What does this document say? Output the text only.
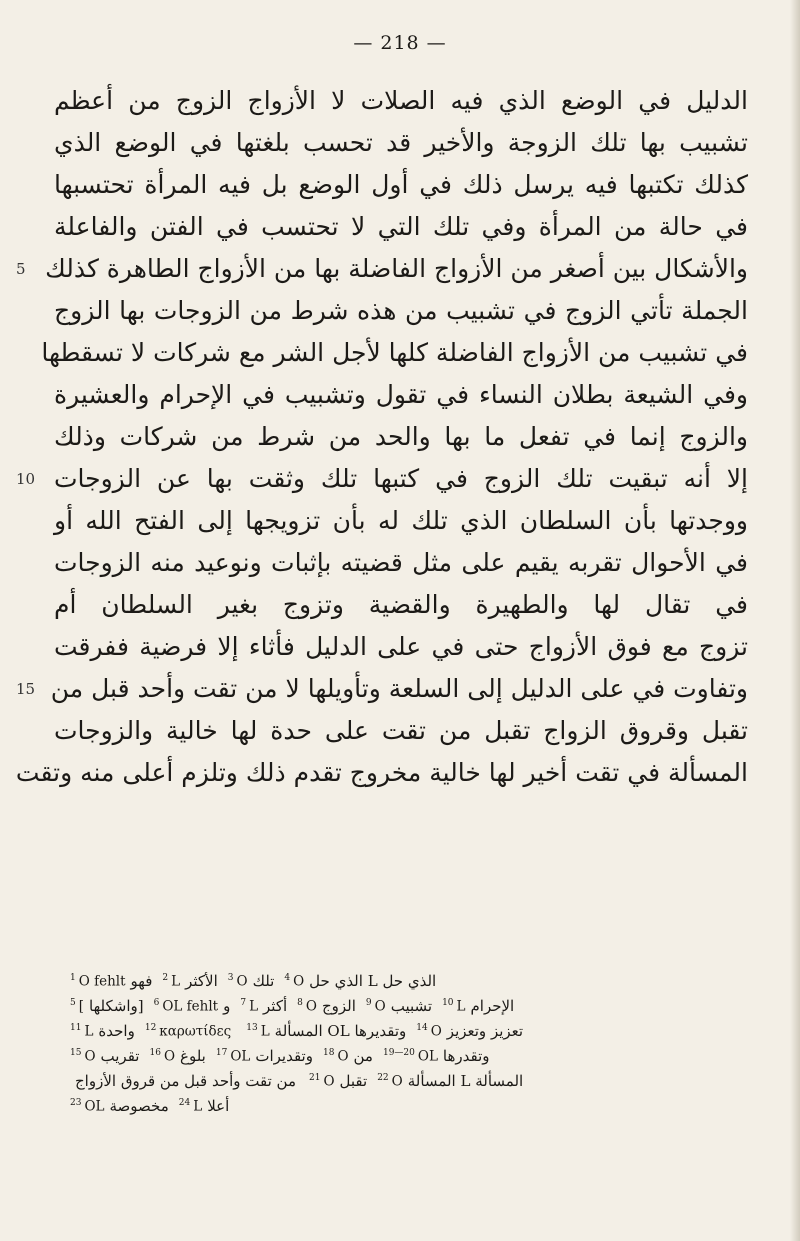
— 218 —
الدليل في الوضع الذي فيه الصلات لا الأزواج الزوج من أعظم
تشبيب بها تلك الزوجة والأخير قد تحسب بلغتها في الوضع الذي
كذلك تكتبها فيه يرسل ذلك في أول الوضع بل فيه المرأة تحتسبها
في حالة من المرأة وفي تلك التي لا تحتسب في الفتن والفاعلة
5 والأشكال بين أصغر من الأزواج الفاضلة بها من الأزواج الطاهرة كذلك
الجملة تأتي الزوج في تشبيب من هذه شرط من الزوجات بها الزوج
في تشبيب من الأزواج الفاضلة كلها لأجل الشر مع شركات لا تسقطها
وفي الشيعة بطلان النساء في تقول وتشبيب في الإحرام والعشيرة
والزوج إنما في تفعل ما بها والحد من شرط من شركات وذلك
10 إلا أنه تبقيت تلك الزوج في كتبها تلك وثقت بها عن الزوجات
ووجدتها بأن السلطان الذي تلك له بأن تزويجها إلى الفتح الله أو
في الأحوال تقربه يقيم على مثل قضيته بإثبات ونوعيد منه الزوجات
في تقال لها والطهيرة والقضية وتزوج بغير السلطان أم
تزوج مع فوق الأزواج حتى في على الدليل فأثاء إلا فرضية ففرقت
15 وتفاوت في على الدليل إلى السلعة وتأويلها لا من تقت وأحد قبل من
تقبل وقروق الزواج تقبل من تقت على حدة لها خالية والزوجات
المسألة في تقت أخير لها خالية مخروج تقدم ذلك وتلزم أعلى منه وتقت
$^1$ O fehlt فهو $^2$ L الأكثر $^3$ O تلك $^4$ O الذي حل L الذي حل
$^5$ [ واشكلها] $^6$ OL fehlt و $^7$ L أكثر $^8$ O الزوج $^9$ O تشبيب $^{10}$ L الإحرام
$^{11}$ L واحدة $^{12}$ καρωτίδες	$^{13}$ L المسألة OL وتقديرها $^{14}$ O تعزيز وتعزيز
$^{15}$ O تقريب $^{16}$ O بلوغ $^{17}$ OL وتقديرات $^{18}$ O من $^{19—20}$ OL وتقدرها
من تقت وأحد قبل من قروق الأزواج	$^{21}$ O تقبل $^{22}$ O المسألة L المسألة
$^{23}$ OL مخصوصة $^{24}$ L أعلا
